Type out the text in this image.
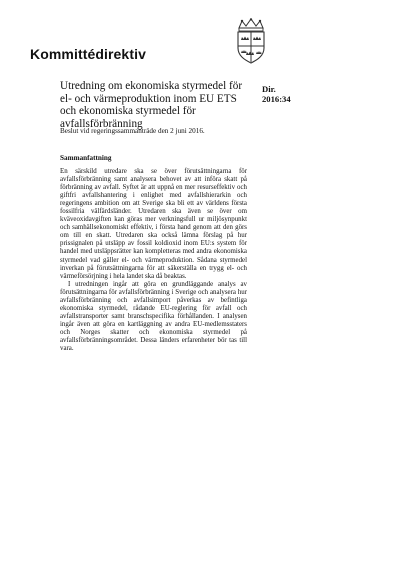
Kommittédirektiv
Utredning om ekonomiska styrmedel för el- och värmeproduktion inom EU ETS och ekonomiska styrmedel för avfallsförbränning
Dir.
2016:34
Beslut vid regeringssammanträde den 2 juni 2016.
Sammanfattning

En särskild utredare ska se över förutsättningarna för avfallsförbränning samt analysera behovet av att införa skatt på förbränning av avfall. Syftet är att uppnå en mer resurseffektiv och giftfri avfallshantering i enlighet med avfallshierarkin och regeringens ambition om att Sverige ska bli ett av världens första fossilfria välfärdsländer. Utredaren ska även se över om kväveoxidavgiften kan göras mer verkningsfull ur miljösynpunkt och samhällsekonomiskt effektiv, i första hand genom att den görs om till en skatt. Utredaren ska också lämna förslag på hur prissignalen på utsläpp av fossil koldioxid inom EU:s system för handel med utsläppsrätter kan kompletteras med andra ekonomiska styrmedel vad gäller el- och värmeproduktion. Sådana styrmedel inverkan på förutsättningarna för att säkerställa en trygg el- och värmeförsörjning i hela landet ska då beaktas.

I utredningen ingår att göra en grundläggande analys av förutsättningarna för avfallsförbränning i Sverige och analysera hur avfallsförbränning och avfallsimport påverkas av befintliga ekonomiska styrmedel, rådande EU-reglering för avfall och avfallstransporter samt branschspecifika förhållanden. I analysen ingår även att göra en kartläggning av andra EU-medlemsstaters och Norges skatter och ekonomiska styrmedel på avfallsförbränningsområdet. Dessa länders erfarenheter bör tas till vara.
